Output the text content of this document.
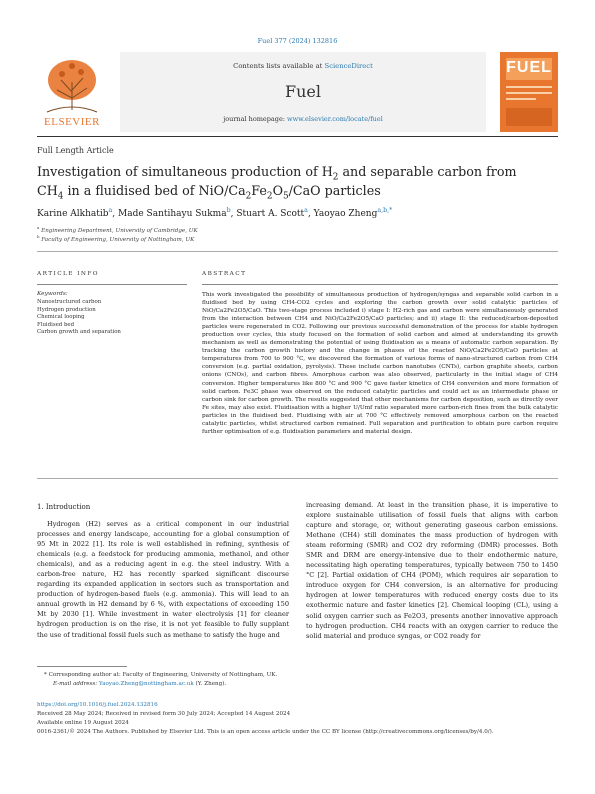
Fuel 377 (2024) 132816
ELSEVIER
Contents lists available at ScienceDirect
Fuel
journal homepage: www.elsevier.com/locate/fuel
FUEL
Full Length Article
Investigation of simultaneous production of $H_2$ and separable carbon from
$CH_4$ in a fluidised bed of NiO/$Ca_2Fe_2O_5$/CaO particles
Karine Alkhatib$^a$, Made Santihayu Sukma$^b$, Stuart A. Scott$^a$, Yaoyao Zheng$^{a,b,*}$
$^a$ Engineering Department, University of Cambridge, UK
$^b$ Faculty of Engineering, University of Nottingham, UK
ARTICLE INFO
Keywords:
Nanostructured carbon
Hydrogen production
Chemical looping
Fluidised bed
Carbon growth and separation
ABSTRACT
This work investigated the possibility of simultaneous production of hydrogen/syngas and separable solid carbon in a fluidised bed by using CH4-CO2 cycles and exploring the carbon growth over solid catalytic particles of NiO/Ca2Fe2O5/CaO. This two-stage process included i) stage I: H2-rich gas and carbon were simultaneously generated from the interaction between CH4 and NiO/Ca2Fe2O5/CaO particles; and ii) stage II: the reduced/carbon-deposited particles were regenerated in CO2. Following our previous successful demonstration of the process for stable hydrogen production over cycles, this study focused on the formation of solid carbon and aimed at understanding its growth mechanism as well as demonstrating the potential of using fluidisation as a means of automatic carbon separation. By tracking the carbon growth history and the change in phases of the reacted NiO/Ca2Fe2O5/CaO particles at temperatures from 700 to 900 °C, we discovered the formation of various forms of nano-structured carbon from CH4 conversion (e.g. partial oxidation, pyrolysis). These include carbon nanotubes (CNTs), carbon graphite sheets, carbon onions (CNOs), and carbon fibres. Amorphous carbon was also observed, particularly in the initial stage of CH4 conversion. Higher temperatures like 800 °C and 900 °C gave faster kinetics of CH4 conversion and more formation of solid carbon. Fe3C phase was observed on the reduced catalytic particles and could act as an intermediate phase or carbon sink for carbon growth. The results suggested that other mechanisms for carbon deposition, such as directly over Fe sites, may also exist. Fluidisation with a higher U/Umf ratio separated more carbon-rich fines from the bulk catalytic particles in the fluidised bed. Fluidising with air at 700 °C effectively removed amorphous carbon on the reacted catalytic particles, whilst structured carbon remained. Full separation and purification to obtain pure carbon require further optimisation of e.g. fluidisation parameters and material design.
1. Introduction
Hydrogen (H2) serves as a critical component in our industrial processes and energy landscape, accounting for a global consumption of 95 Mt in 2022 [1]. Its role is well established in refining, synthesis of chemicals (e.g. a feedstock for producing ammonia, methanol, and other chemicals), and as a reducing agent in e.g. the steel industry. With a carbon-free nature, H2 has recently sparked significant discourse regarding its expanded application in sectors such as transportation and production of hydrogen-based fuels (e.g. ammonia). This will lead to an annual growth in H2 demand by 6 %, with expectations of exceeding 150 Mt by 2030 [1]. While investment in water electrolysis [1] for cleaner hydrogen production is on the rise, it is not yet feasible to fully supplant the use of traditional fossil fuels such as methane to satisfy the huge and
increasing demand. At least in the transition phase, it is imperative to explore sustainable utilisation of fossil fuels that aligns with carbon capture and storage, or, without generating gaseous carbon emissions. Methane (CH4) still dominates the mass production of hydrogen with steam reforming (SMR) and CO2 dry reforming (DMR) processes. Both SMR and DRM are energy-intensive due to their endothermic nature, necessitating high operating temperatures, typically between 750 to 1450 °C [2]. Partial oxidation of CH4 (POM), which requires air separation to introduce oxygen for CH4 conversion, is an alternative for producing hydrogen at lower temperatures with reduced energy costs due to its exothermic nature and faster kinetics [2]. Chemical looping (CL), using a solid oxygen carrier such as Fe2O3, presents another innovative approach to hydrogen production. CH4 reacts with an oxygen carrier to reduce the solid material and produce syngas, or CO2 ready for
* Corresponding author at: Faculty of Engineering, University of Nottingham, UK.
E-mail address: Yaoyao.Zheng@nottingham.ac.uk (Y. Zheng).
https://doi.org/10.1016/j.fuel.2024.132816
Received 28 May 2024; Received in revised form 30 July 2024; Accepted 14 August 2024
Available online 19 August 2024
0016-2361/© 2024 The Authors. Published by Elsevier Ltd. This is an open access article under the CC BY license (http://creativecommons.org/licenses/by/4.0/).
